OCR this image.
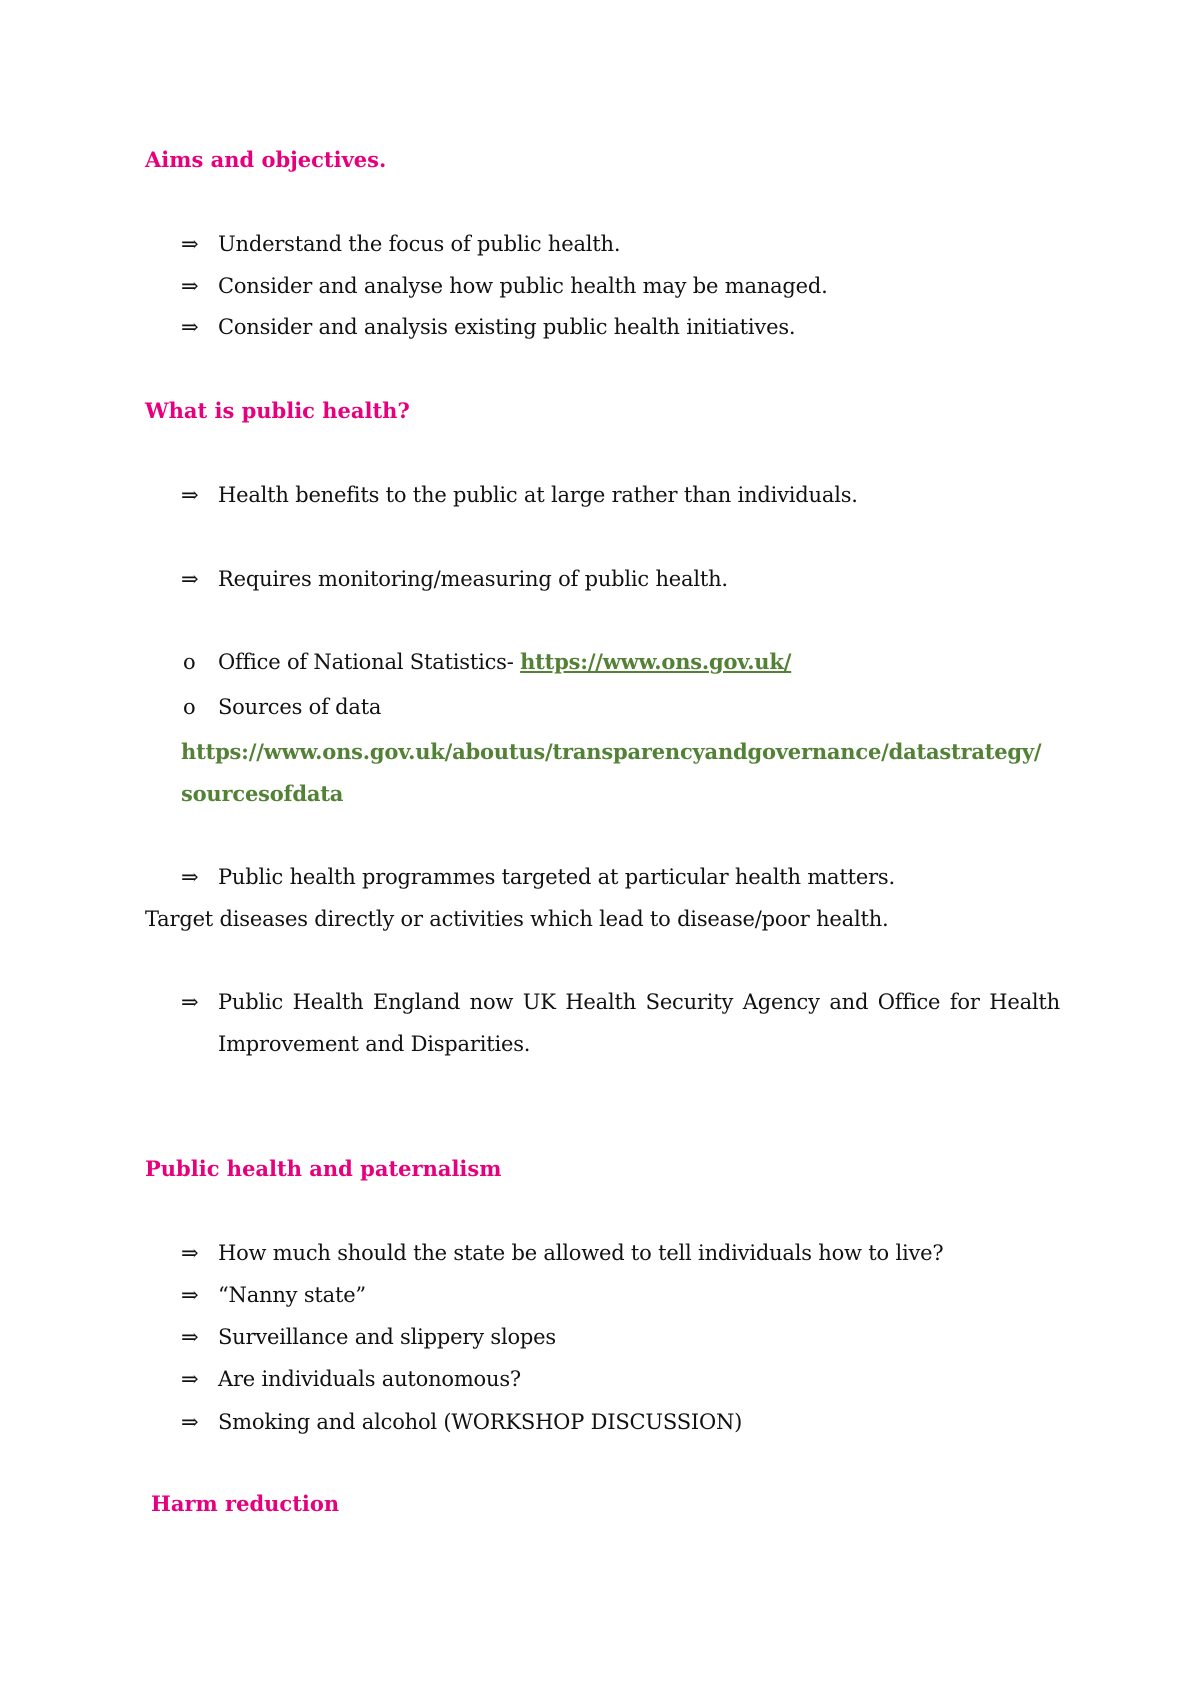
Aims and objectives.
⇒ Understand the focus of public health.
⇒ Consider and analyse how public health may be managed.
⇒ Consider and analysis existing public health initiatives.
What is public health?
⇒ Health benefits to the public at large rather than individuals.
⇒ Requires monitoring/measuring of public health.
o Office of National Statistics- https://www.ons.gov.uk/
o Sources of data
https://www.ons.gov.uk/aboutus/transparencyandgovernance/datastrategy/
sourcesofdata
⇒ Public health programmes targeted at particular health matters.
Target diseases directly or activities which lead to disease/poor health.
⇒ Public Health England now UK Health Security Agency and Office for Health
Improvement and Disparities.
Public health and paternalism
⇒ How much should the state be allowed to tell individuals how to live?
⇒ “Nanny state”
⇒ Surveillance and slippery slopes
⇒ Are individuals autonomous?
⇒ Smoking and alcohol (WORKSHOP DISCUSSION)
Harm reduction
